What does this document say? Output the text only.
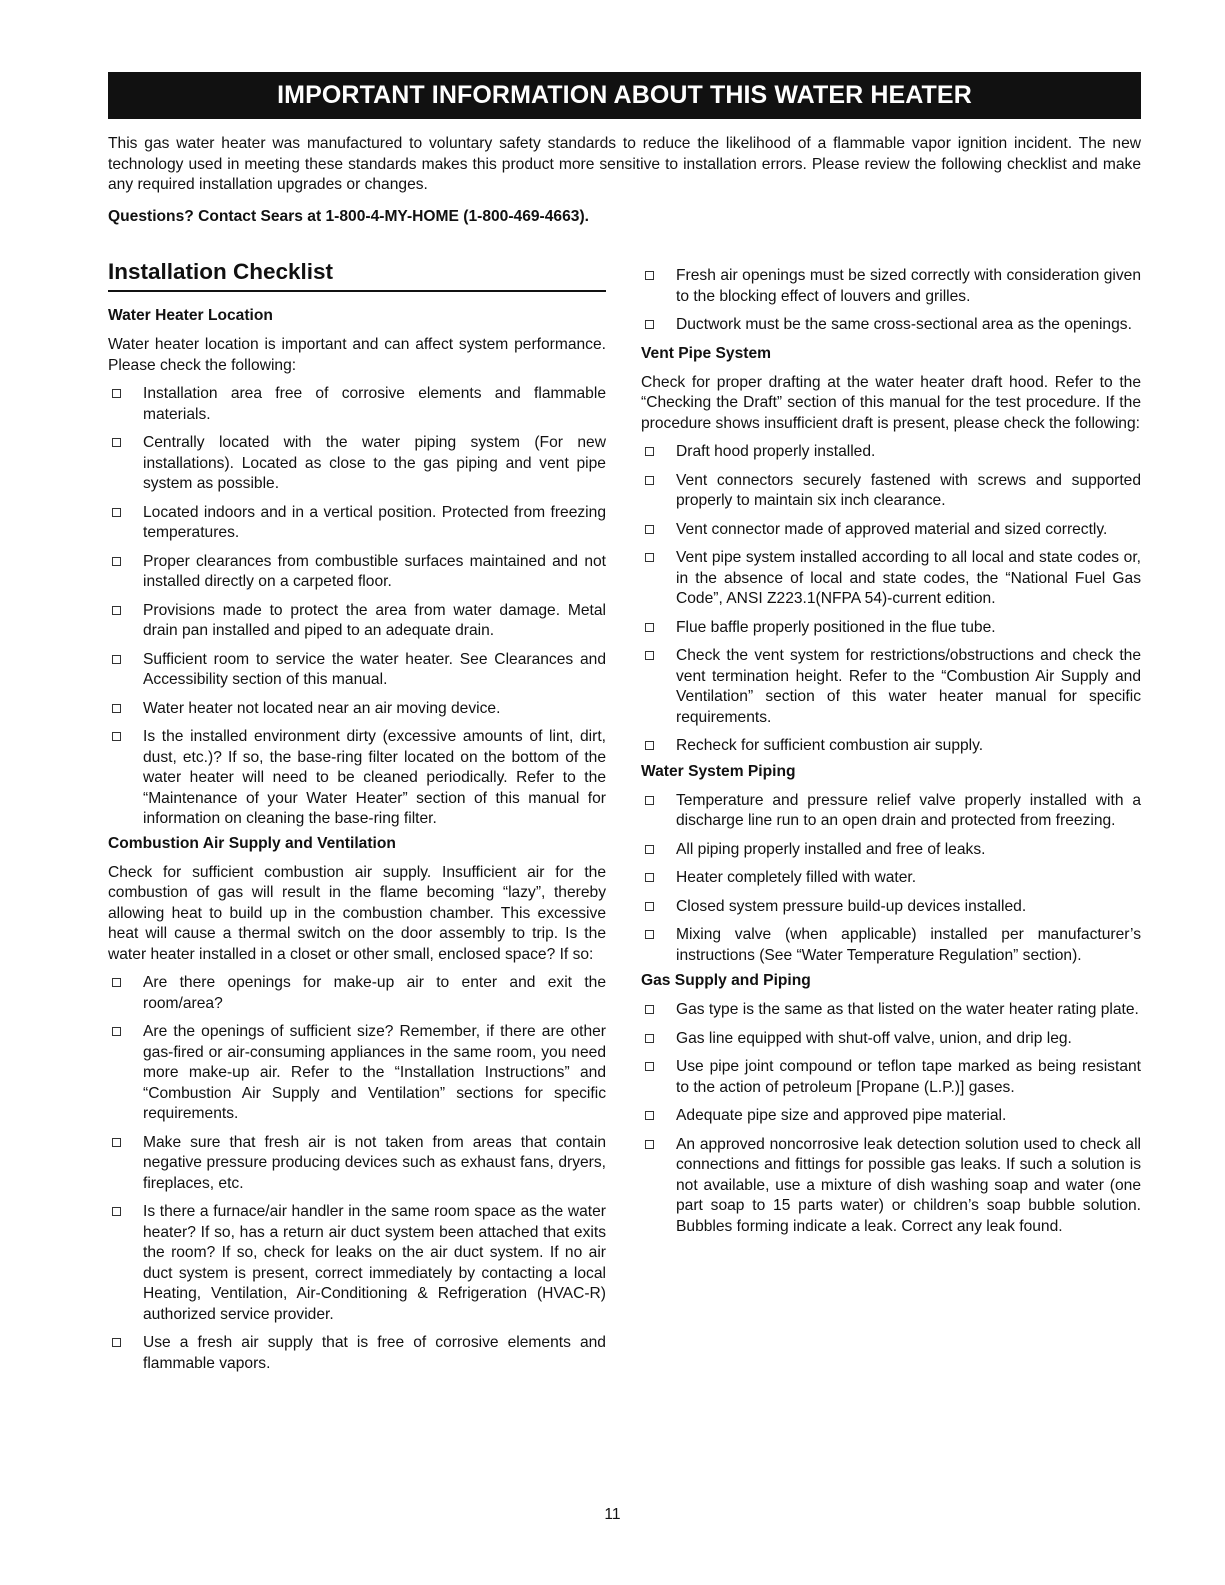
IMPORTANT INFORMATION ABOUT THIS WATER HEATER
This gas water heater was manufactured to voluntary safety standards to reduce the likelihood of a flammable vapor ignition incident. The new technology used in meeting these standards makes this product more sensitive to installation errors. Please review the following checklist and make any required installation upgrades or changes.
Questions? Contact Sears at 1-800-4-MY-HOME (1-800-469-4663).
Installation Checklist
Water Heater Location
Water heater location is important and can affect system performance. Please check the following:
Installation area free of corrosive elements and flammable materials.
Centrally located with the water piping system (For new installations). Located as close to the gas piping and vent pipe system as possible.
Located indoors and in a vertical position. Protected from freezing temperatures.
Proper clearances from combustible surfaces maintained and not installed directly on a carpeted floor.
Provisions made to protect the area from water damage. Metal drain pan installed and piped to an adequate drain.
Sufficient room to service the water heater. See Clearances and Accessibility section of this manual.
Water heater not located near an air moving device.
Is the installed environment dirty (excessive amounts of lint, dirt, dust, etc.)? If so, the base-ring filter located on the bottom of the water heater will need to be cleaned periodically. Refer to the “Maintenance of your Water Heater” section of this manual for information on cleaning the base-ring filter.
Combustion Air Supply and Ventilation
Check for sufficient combustion air supply. Insufficient air for the combustion of gas will result in the flame becoming “lazy”, thereby allowing heat to build up in the combustion chamber. This excessive heat will cause a thermal switch on the door assembly to trip. Is the water heater installed in a closet or other small, enclosed space? If so:
Are there openings for make-up air to enter and exit the room/area?
Are the openings of sufficient size? Remember, if there are other gas-fired or air-consuming appliances in the same room, you need more make-up air. Refer to the “Installation Instructions” and “Combustion Air Supply and Ventilation” sections for specific requirements.
Make sure that fresh air is not taken from areas that contain negative pressure producing devices such as exhaust fans, dryers, fireplaces, etc.
Is there a furnace/air handler in the same room space as the water heater? If so, has a return air duct system been attached that exits the room? If so, check for leaks on the air duct system. If no air duct system is present, correct immediately by contacting a local Heating, Ventilation, Air-Conditioning & Refrigeration (HVAC-R) authorized service provider.
Use a fresh air supply that is free of corrosive elements and flammable vapors.
Fresh air openings must be sized correctly with consideration given to the blocking effect of louvers and grilles.
Ductwork must be the same cross-sectional area as the openings.
Vent Pipe System
Check for proper drafting at the water heater draft hood. Refer to the “Checking the Draft” section of this manual for the test procedure. If the procedure shows insufficient draft is present, please check the following:
Draft hood properly installed.
Vent connectors securely fastened with screws and supported properly to maintain six inch clearance.
Vent connector made of approved material and sized correctly.
Vent pipe system installed according to all local and state codes or, in the absence of local and state codes, the “National Fuel Gas Code”, ANSI Z223.1(NFPA 54)-current edition.
Flue baffle properly positioned in the flue tube.
Check the vent system for restrictions/obstructions and check the vent termination height. Refer to the “Combustion Air Supply and Ventilation” section of this water heater manual for specific requirements.
Recheck for sufficient combustion air supply.
Water System Piping
Temperature and pressure relief valve properly installed with a discharge line run to an open drain and protected from freezing.
All piping properly installed and free of leaks.
Heater completely filled with water.
Closed system pressure build-up devices installed.
Mixing valve (when applicable) installed per manufacturer’s instructions (See “Water Temperature Regulation” section).
Gas Supply and Piping
Gas type is the same as that listed on the water heater rating plate.
Gas line equipped with shut-off valve, union, and drip leg.
Use pipe joint compound or teflon tape marked as being resistant to the action of petroleum [Propane (L.P.)] gases.
Adequate pipe size and approved pipe material.
An approved noncorrosive leak detection solution used to check all connections and fittings for possible gas leaks. If such a solution is not available, use a mixture of dish washing soap and water (one part soap to 15 parts water) or children’s soap bubble solution. Bubbles forming indicate a leak. Correct any leak found.
11
